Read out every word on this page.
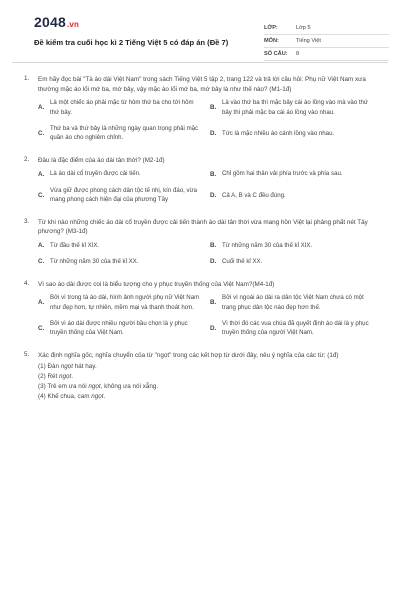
2048.vn
Đề kiểm tra cuối học kì 2 Tiếng Việt 5 có đáp án (Đề 7)
LỚP:	Lớp 5
MÔN:	Tiếng Việt
SỐ CÂU:	8
1.	Em hãy đọc bài "Tà áo dài Việt Nam" trong sách Tiếng Việt 5 tập 2, trang 122 và trả lời câu hỏi: Phụ nữ Việt Nam xưa thường mặc áo lối mớ ba, mớ bảy, vậy mặc áo lối mớ ba, mớ bảy là như thế nào? (M1-1đ)
A.
Là một chiếc áo phải mặc từ hôm thứ ba cho tới hôm thứ bảy.
B.
Là vào thứ ba thì mặc bảy cái áo lồng vào mà vào thứ bảy thì phải mặc ba cái áo lồng vào nhau.
C.
Thứ ba và thứ bảy là những ngày quan trọng phải mặc quần áo cho nghiêm chỉnh.
D. Tức là mặc nhiều áo cánh lồng vào nhau.
2.	Đâu là đặc điểm của áo dài tân thời? (M2-1đ)
A. Là áo dài cổ truyền được cải tiến.	B. Chỉ gồm hai thân vải phía trước và phía sau.
C.
Vừa giữ được phong cách dân tộc tế nhị, kín đáo, vừa mang phong cách hiện đại của phương Tây
D. Cả A, B và C đều đúng.
3.	Từ khi nào những chiếc áo dài cổ truyền được cải tiến thành áo dài tân thời vừa mang hồn Việt lại phảng phất nét Tây phương? (M3-1đ)
A. Từ đầu thế kỉ XIX.	B. Từ những năm 30 của thế kỉ XIX.
C. Từ những năm 30 của thế kỉ XX.	D. Cuối thế kỉ XX.
4.	Vì sao áo dài được coi là biểu tượng cho y phục truyền thống của Việt Nam?(M4-1đ)
A.
Bởi vì trong tà áo dài, hình ảnh người phụ nữ Việt Nam như đẹp hơn, tự nhiên, mềm mại và thanh thoát hơn.
B.
Bởi vì ngoài áo dài ra dân tộc Việt Nam chưa có một trang phục dân tộc nào đẹp hơn thế.
C.
Bởi vì áo dài được nhiều người bầu chọn là y phục truyền thống của Việt Nam.
D.
Vì thời đó các vua chúa đã quyết định áo dài là y phục truyền thống của người Việt Nam.
5.	Xác định nghĩa gốc, nghĩa chuyển của từ "ngọt" trong các kết hợp từ dưới đây, nêu ý nghĩa của các từ: (1đ)
(1) Đàn ngọt hát hay.
(2) Rét ngọt.
(3) Trẻ em ưa nói ngọt, không ưa nói xẵng.
(4) Khế chua, cam ngọt.
